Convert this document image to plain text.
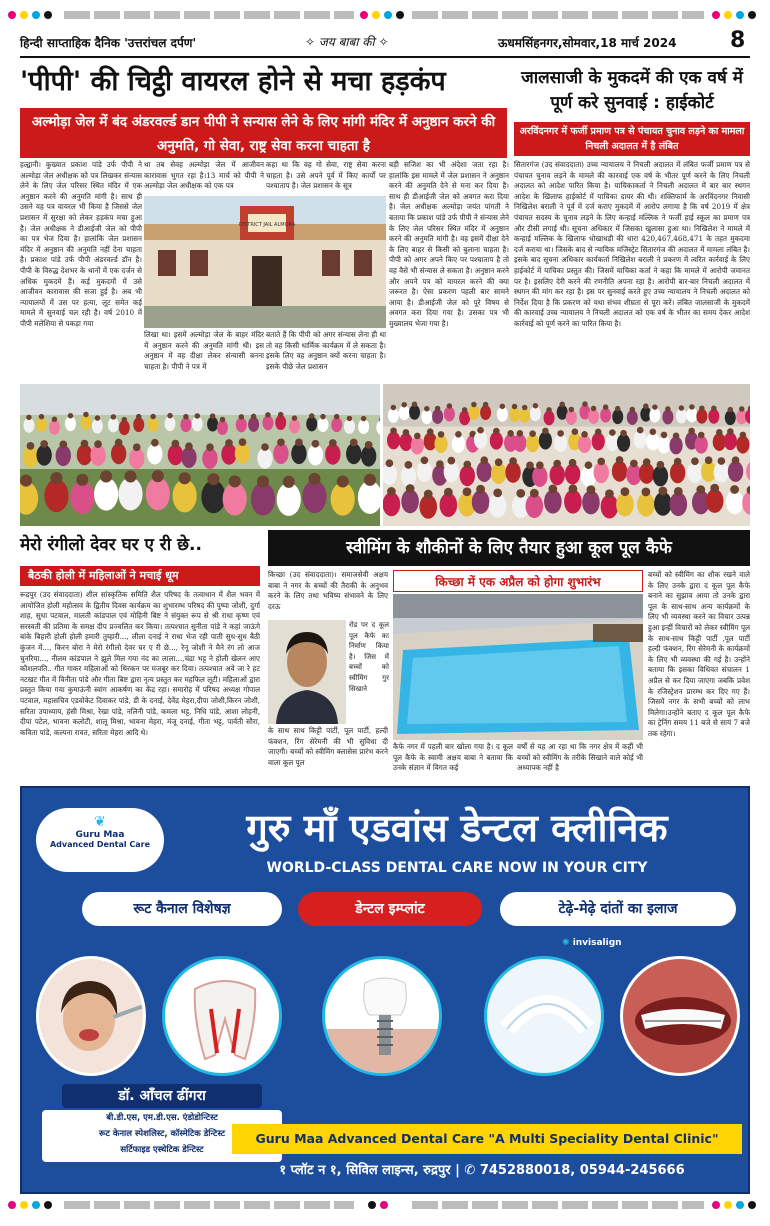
हिन्दी साप्ताहिक दैनिक 'उत्तरांचल दर्पण'	✧ जय बाबा की ✧	ऊधमसिंहनगर,सोमवार,18 मार्च 2024 8
'पीपी' की चिट्ठी वायरल होने से मचा हड़कंप
अल्मोड़ा जेल में बंद अंडरवर्ल्ड डान पीपी ने सन्यास लेने के लिए मांगी मंदिर में अनुष्ठान करने की अनुमति, गो सेवा, राष्ट्र सेवा करना चाहता है
हल्द्वानी। कुख्यात प्रकाश पांडे उर्फ पीपी ने अल्मोड़ा जेल अधीक्षक को पत्र लिखकर संन्यास लेने के लिए जेल परिसर स्थित मंदिर में एक अनुष्ठान करने की अनुमति मांगी है। साथ ही उसने यह पत्र वायरल भी किया है जिससे जेल प्रशासन में सुरक्षा को लेकर हड़कंप मचा हुआ है। जेल अधीक्षक ने डीआईजी जेल को पीपी का पत्र भेज दिया है। हालांकि जेल प्रशासन मंदिर में अनुष्ठान की अनुमति नहीं देना चाहता है। प्रकाश पांडे उर्फ पीपी अंडरवर्ल्ड डॉन है। पीपी के विरुद्ध देशभर के थानों में एक दर्जन से अधिक मुकदमे हैं। कई मुकदमों में उसे आजीवन कारावास की सजा हुई है। अब भी न्यायालयों में उस पर हत्या, लूट समेत कई मामले में सुनवाई चल रही है। वर्ष 2010 में पीपी मलेशिया से पकड़ा गया
था तब सेवह अल्मोड़ा जेल में आजीवन कारावास भुगत रहा है।13 मार्च को पीपी ने अल्मोड़ा जेल अधीक्षक को एक पत्र
कहा था कि वह गो सेवा, राष्ट्र सेवा करना चाहता है। उसे अपने पूर्व में किए कार्यों पर पश्चाताप है। जेल प्रशासन के सूत्र
बड़ी सजिश का भी अंदेशा जता रहा है। हालांकि इस मामले में जेल प्रशासन ने अनुष्ठान करने की अनुमति देने से मना कर दिया है। साथ ही डीआईजी जेल को अवगत करा दिया है। जेल अधीक्षक अल्मोड़ा जयंत पांगती ने बताया कि प्रकाश पांडे उर्फ पीपी ने संन्यास लेने के लिए जेल परिसर स्थित मंदिर में अनुष्ठान करने की अनुमति मांगी है। वह इसमें दीक्षा देने के लिए बाहर से किसी को बुलाना चाहता है। पीपी को अगर अपने किए पर पश्चाताप है तो वह वैसे भी संन्यास ले सकता है। अनुष्ठान करने और अपने पत्र को वायरल करने की क्या जरूरत है। ऐसा प्रकरण पहली बार सामने आया है। डीआईजी जेल को पूरे विषय से अवगत करा दिया गया है। उसका पत्र भी मुख्यालय भेजा गया है।
DISTRICT JAIL ALMORA
लिखा था। इसमें अल्मोड़ा जेल के बाहर मंदिर में अनुष्ठान करने की अनुमति मांगी थी। इस अनुष्ठान में वह दीक्षा लेकर संन्यासी बनना चाहता है। पीपी ने पत्र में
बताते हैं कि पीपी को अगर संन्यास लेना ही था तो वह किसी धार्मिक कार्यक्रम में ले सकता है। इसके लिए वह अनुष्ठान क्यों करना चाहता है। इसके पीछे जेल प्रशासन
जालसाजी के मुकदमें की एक वर्ष में पूर्ण करे सुनवाई : हाईकोर्ट
अरविंदनगर में फर्जी प्रमाण पत्र से पंचायत चुनाव लड़ने का मामला निचली अदालत में है लंबित
सितारगंज (उद संवाददाता) उच्च न्यायालय ने निचली अदालत में लंबित फर्जी प्रमाण पत्र से पंचायत चुनाव लड़ने के मामले की कारवाई एक वर्ष के भीतर पूर्ण करने के लिए निचली अदालत को आदेश पारित किया है। याचिकाकर्ता ने निचली अदालत में बार बार स्थगन आदेश के खिलाफ हाईकोर्ट में याचिका दायर की थी। शक्तिफार्म के अरविंदनगर निवासी निखिलेश बराली ने पूर्व में दर्ज कराए मुकदमें में आरोप लगाया है कि वर्ष 2019 में क्षेत्र पंचायत सदस्य के चुनाव लड़ने के लिए कन्हाई मल्लिक ने फर्जी हाई स्कूल का प्रमाण पत्र और टीसी लगाई थी। सूचना अधिकार में जिसका खुलासा हुआ था। निखिलेश ने मामले में कन्हाई मल्लिक के खिलाफ धोखाधड़ी की धारा 420,467,468,471 के तहत मुकदमा दर्ज कराया था। जिसके बाद से न्यायिक मजिस्ट्रेट सितारगंज की अदालत में मामला लंबित है। इसके बाद सूचना अधिकार कार्यकर्ता निखिलेश बराली ने प्रकरण में त्वरित कार्रवाई के लिए हाईकोर्ट में याचिका प्रस्तुत की। जिसमें याचिका कर्ता ने कहा कि मामले में आरोपी जमानत पर है। इसलिए देरी करने की रणनीति अपना रहा है। आरोपी बार-बार निचली अदालत में स्थगन की मांग कर रहा है। इस पर सुनवाई करते हुए उच्च न्यायालय ने निचली अदालत को निर्देश दिया है कि प्रकरण को यथा संभव शीघ्रता से पूरा करें। लंबित जालसाजी के मुकदमें की कारवाई उच्च न्यायालय ने निचली अदालत को एक वर्ष के भीतर का समय देकर आदेश कार्रवाई को पूर्ण करने का पारित किया है।
मेरो रंगीलो देवर घर ए री छे..
बैठकी होली में महिलाओं ने मचाई धूम
रूद्रपुर (उद संवाददाता) शील सांस्कृतिक समिति शैल परिषद के तत्वाधान में शैल भवन में आयोजित होली महोत्सव के द्वितीय दिवस कार्यक्रम का शुभारम्भ परिषद की पुष्पा जोशी, दुर्गा शाह, सुधा पटवाल, मालती कांडपाल एवं मोहिनी बिष्ट ने संयुक्त रूप से श्री राधा कृष्ण एवं सरस्वती की प्रतिमा के समक्ष दीप प्रज्वलित कर किया। तत्पश्चात सुनीता पांडे ने कहां जाऊंगे बांके बिहारी होली होली हमारी तुम्हारी..., लीला दनाई ने राधा भेज रही पाती सुध-सुध बैठी कुंजन में..., किरन बोरा ने मेरो रंगीलो देवर घर ए री छे..., रेनू जोशी ने मैने रंग लो आज चुनरिया..., नीलम कांडपाल ने झूले मिल गया नंद का लाला...,चंद्रा भट्ट ने होली खेलन आए कौशलपति.. गीत गाकर महिलाओं को थिरकन पर मजबूर कर दिया। तत्पश्चात अवे जा रे हट नटखट गीत में विनीता पांडे और गीता बिष्ट द्वारा नृत्य प्रस्तुत कर महफिल लूटी। महिलाओं द्वारा प्रस्तुत किया गया कुमाऊंनी स्वांग आकर्षण का केंद्र रहा। समारोह में परिषद अध्यक्ष गोपाल पटवाल, महासचिव एडवोकेट दिवाकर पांडे, डी के दनाई, देवेंद्र मेहरा,दीपा जोशी,किरन जोशी, सरिता उपाध्याय, हंसी मिश्रा, रेखा पांडे, नलिनी पांडे, कमला भट्ट, निधि पांडे, आशा लोहनी, दीपा पटेल, भावना कलोटी, शालू मिश्रा, भावना मेहरा, मंजू दनाई, गीता भट्ट, पार्वती सौरा, कविता पांडे, कल्पना रावत, सरिता मेहरा आदि थे।
स्वीमिंग के शौकीनों के लिए तैयार हुआ कूल पूल कैफे
किच्छा (उद संवाददाता)। समाजसेवी अक्षय बाबा ने नगर के बच्चों की तैराकी के अनुभव करने के लिए तथा भविष्य संभावने के लिए दरऊ
रोड पर द कूल पूल कैफे का निर्माण किया है। जिस में बच्चों को स्वीमिंग गुर सिखाने
के साथ साथ किट्टी पार्टी, पूल पार्टी, हल्दी फंक्शन, रिंग सेरेमनी की भी सुविधा दी जाएगी। बच्चों को स्वीमिंग क्लासेस प्रारंभ करने वाला कूल पूल
किच्छा में एक अप्रैल को होगा शुभारंभ
कैफे नगर में पहली बार खोला गया है। द कूल पूल कैफे के स्वामी अक्षय बाबा ने बताया कि उनके संज्ञान में विगत कई
वर्षों से यह आ रहा था कि नगर क्षेत्र में कहीं भी बच्चों को स्वीमिंग के तरीके सिखाने वाले कोई भी अध्यापक नहीं है
बच्चों को स्वीमिंग का शौक रखने वाले के लिए उनके द्वारा द कूल पूल कैफे बनाने का सुझाव आया तो उनके द्वारा पूल के साथ-साथ अन्य कार्यक्रमों के लिए भी व्यवस्था करने का विचार उत्पन्न हुआ इन्हीं विचारों को लेकर स्वीमिंग पूल के साथ-साथ किट्टी पार्टी ,पूल पार्टी हल्दी फंक्शन, रिंग सेरेमनी के कार्यक्रमों के लिए भी व्यवस्था की गई है। उन्होंने बताया कि इसका विधिवत संचालन 1 अप्रैल से कर दिया जाएगा जबकि प्रवेश के रजिस्ट्रेशन प्रारम्भ कर दिए गए हैं। जिसमें नगर के सभी बच्चों को लाभ मिलेगा।उन्होंने बताए द कूल पूल कैफे का ट्रेनिंग समय 11 बजे से सायं 7 बजे तक रहेगा।
❦
Guru Maa
Advanced Dental Care	गुरु माँ एडवांस डेन्टल क्लीनिक
WORLD-CLASS DENTAL CARE NOW IN YOUR CITY
रूट कैनाल विशेषज्ञ	डेन्टल इम्प्लांट	टेढ़े-मेढ़े दांतों का इलाज
✺ invisalign
डॉ. आँचल ढींगरा
बी.डी.एस, एम.डी.एस. एंडोडोन्टिस्ट
रूट केनाल स्पेशलिस्ट, कॉस्मेटिक डेन्टिस्ट
सर्टिफाइड एस्थेटिक डेन्टिस्ट
Guru Maa Advanced Dental Care "A Multi Speciality Dental Clinic"
१ प्लॉट न १, सिविल लाइन्स, रुद्रपुर | ✆ 7452880018, 05944-245666
